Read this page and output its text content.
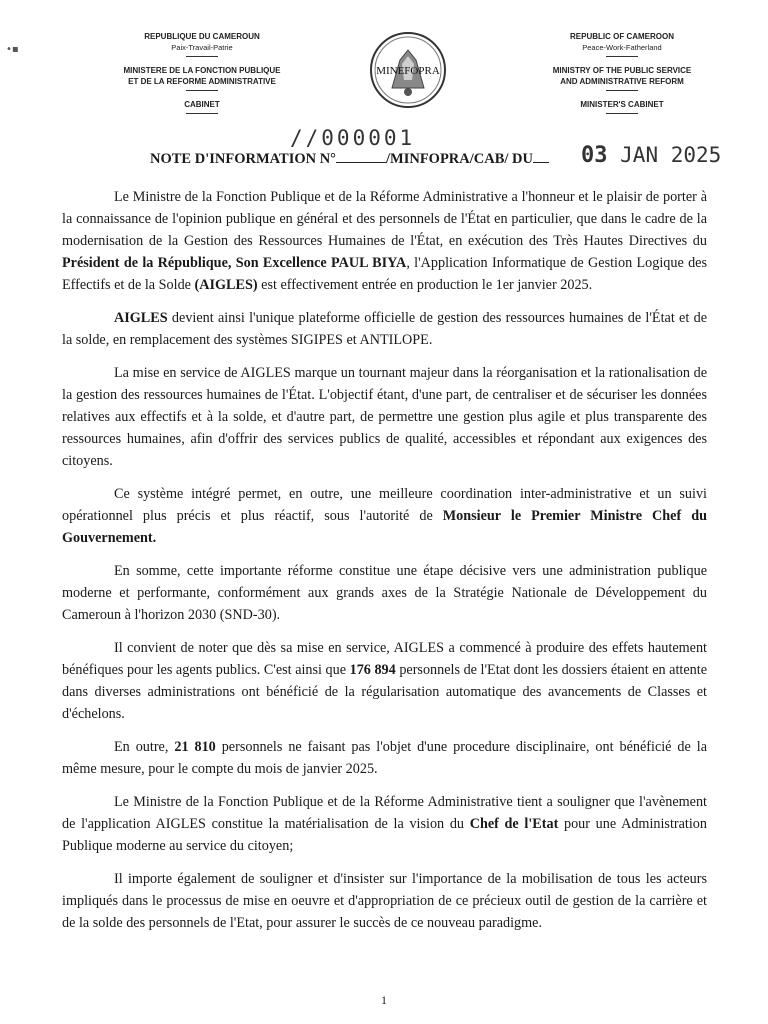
•▪
REPUBLIQUE DU CAMEROUN
Paix-Travail-Patrie
MINISTERE DE LA FONCTION PUBLIQUE
ET DE LA REFORME ADMINISTRATIVE
CABINET
MINEFOPRA
REPUBLIC OF CAMEROON
Peace-Work-Fatherland
MINISTRY OF THE PUBLIC SERVICE
AND ADMINISTRATIVE REFORM
MINISTER'S CABINET
//000001
NOTE D'INFORMATION N°	/MINFOPRA/CAB/ DU	03 JAN 2025

Le Ministre de la Fonction Publique et de la Réforme Administrative a l'honneur et le plaisir de porter à la connaissance de l'opinion publique en général et des personnels de l'État en particulier, que dans le cadre de la modernisation de la Gestion des Ressources Humaines de l'État, en exécution des Très Hautes Directives du Président de la République, Son Excellence PAUL BIYA, l'Application Informatique de Gestion Logique des Effectifs et de la Solde (AIGLES) est effectivement entrée en production le 1er janvier 2025.

AIGLES devient ainsi l'unique plateforme officielle de gestion des ressources humaines de l'État et de la solde, en remplacement des systèmes SIGIPES et ANTILOPE.

La mise en service de AIGLES marque un tournant majeur dans la réorganisation et la rationalisation de la gestion des ressources humaines de l'État. L'objectif étant, d'une part, de centraliser et de sécuriser les données relatives aux effectifs et à la solde, et d'autre part, de permettre une gestion plus agile et plus transparente des ressources humaines, afin d'offrir des services publics de qualité, accessibles et répondant aux exigences des citoyens.

Ce système intégré permet, en outre, une meilleure coordination inter-administrative et un suivi opérationnel plus précis et plus réactif, sous l'autorité de Monsieur le Premier Ministre Chef du Gouvernement.

En somme, cette importante réforme constitue une étape décisive vers une administration publique moderne et performante, conformément aux grands axes de la Stratégie Nationale de Développement du Cameroun à l'horizon 2030 (SND-30).

Il convient de noter que dès sa mise en service, AIGLES a commencé à produire des effets hautement bénéfiques pour les agents publics. C'est ainsi que 176 894 personnels de l'Etat dont les dossiers étaient en attente dans diverses administrations ont bénéficié de la régularisation automatique des avancements de Classes et d'échelons.

En outre, 21 810 personnels ne faisant pas l'objet d'une procedure disciplinaire, ont bénéficié de la même mesure, pour le compte du mois de janvier 2025.

Le Ministre de la Fonction Publique et de la Réforme Administrative tient a souligner que l'avènement de l'application AIGLES constitue la matérialisation de la vision du Chef de l'Etat pour une Administration Publique moderne au service du citoyen;

Il importe également de souligner et d'insister sur l'importance de la mobilisation de tous les acteurs impliqués dans le processus de mise en oeuvre et d'appropriation de ce précieux outil de gestion de la carrière et de la solde des personnels de l'Etat, pour assurer le succès de ce nouveau paradigme.

1
